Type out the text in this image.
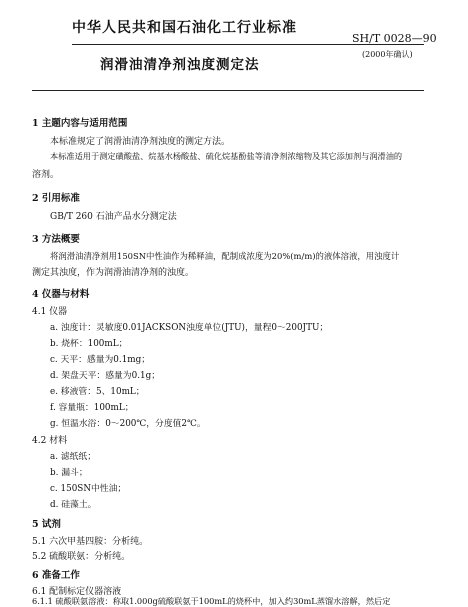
中华人民共和国石油化工行业标准
SH/T 0028—90
(2000年确认)
润滑油清净剂浊度测定法
1 主题内容与适用范围
本标准规定了润滑油清净剂浊度的测定方法。
本标准适用于测定磺酸盐、烷基水杨酸盐、硫化烷基酚盐等清净剂浓缩物及其它添加剂与润滑油的
溶剂。
2 引用标准
GB/T 260 石油产品水分测定法
3 方法概要
将润滑油清净剂用150SN中性油作为稀释油，配制成浓度为20%(m/m)的液体溶液，用浊度计
测定其浊度，作为润滑油清净剂的浊度。
4 仪器与材料
4.1 仪器
a. 浊度计：灵敏度0.01JACKSON浊度单位(JTU)，量程0～200JTU；
b. 烧杯：100mL；
c. 天平：感量为0.1mg；
d. 架盘天平：感量为0.1g；
e. 移液管：5、10mL；
f. 容量瓶：100mL；
g. 恒温水浴：0～200℃，分度值2℃。
4.2 材料
a. 滤纸纸；
b. 漏斗；
c. 150SN中性油；
d. 硅藻土。
5 试剂
5.1 六次甲基四胺：分析纯。
5.2 硫酸联氨：分析纯。
6 准备工作
6.1 配制标定仪器溶液
6.1.1 硫酸联氨溶液：称取1.000g硫酸联氨于100mL的烧杯中，加入约30mL蒸馏水溶解，然后定
